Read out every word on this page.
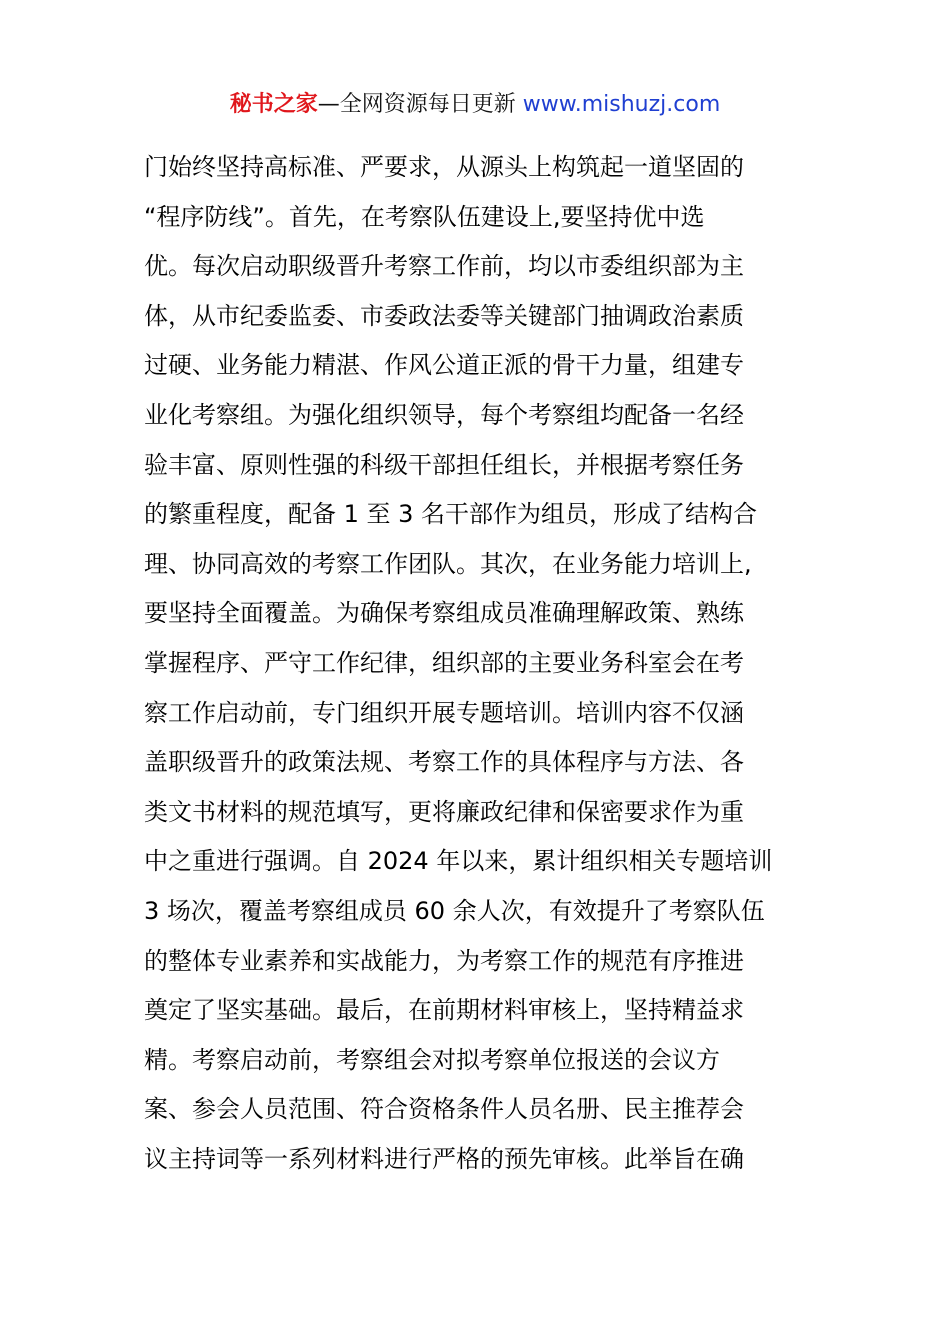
秘书之家—全网资源每日更新 www.mishuzj.com
门始终坚持高标准、严要求，从源头上构筑起一道坚固的
“程序防线”。首先，在考察队伍建设上,要坚持优中选
优。每次启动职级晋升考察工作前，均以市委组织部为主
体，从市纪委监委、市委政法委等关键部门抽调政治素质
过硬、业务能力精湛、作风公道正派的骨干力量，组建专
业化考察组。为强化组织领导，每个考察组均配备一名经
验丰富、原则性强的科级干部担任组长，并根据考察任务
的繁重程度，配备 1 至 3 名干部作为组员，形成了结构合
理、协同高效的考察工作团队。其次，在业务能力培训上,
要坚持全面覆盖。为确保考察组成员准确理解政策、熟练
掌握程序、严守工作纪律，组织部的主要业务科室会在考
察工作启动前，专门组织开展专题培训。培训内容不仅涵
盖职级晋升的政策法规、考察工作的具体程序与方法、各
类文书材料的规范填写，更将廉政纪律和保密要求作为重
中之重进行强调。自 2024 年以来，累计组织相关专题培训
3 场次，覆盖考察组成员 60 余人次，有效提升了考察队伍
的整体专业素养和实战能力，为考察工作的规范有序推进
奠定了坚实基础。最后，在前期材料审核上，坚持精益求
精。考察启动前，考察组会对拟考察单位报送的会议方
案、参会人员范围、符合资格条件人员名册、民主推荐会
议主持词等一系列材料进行严格的预先审核。此举旨在确
